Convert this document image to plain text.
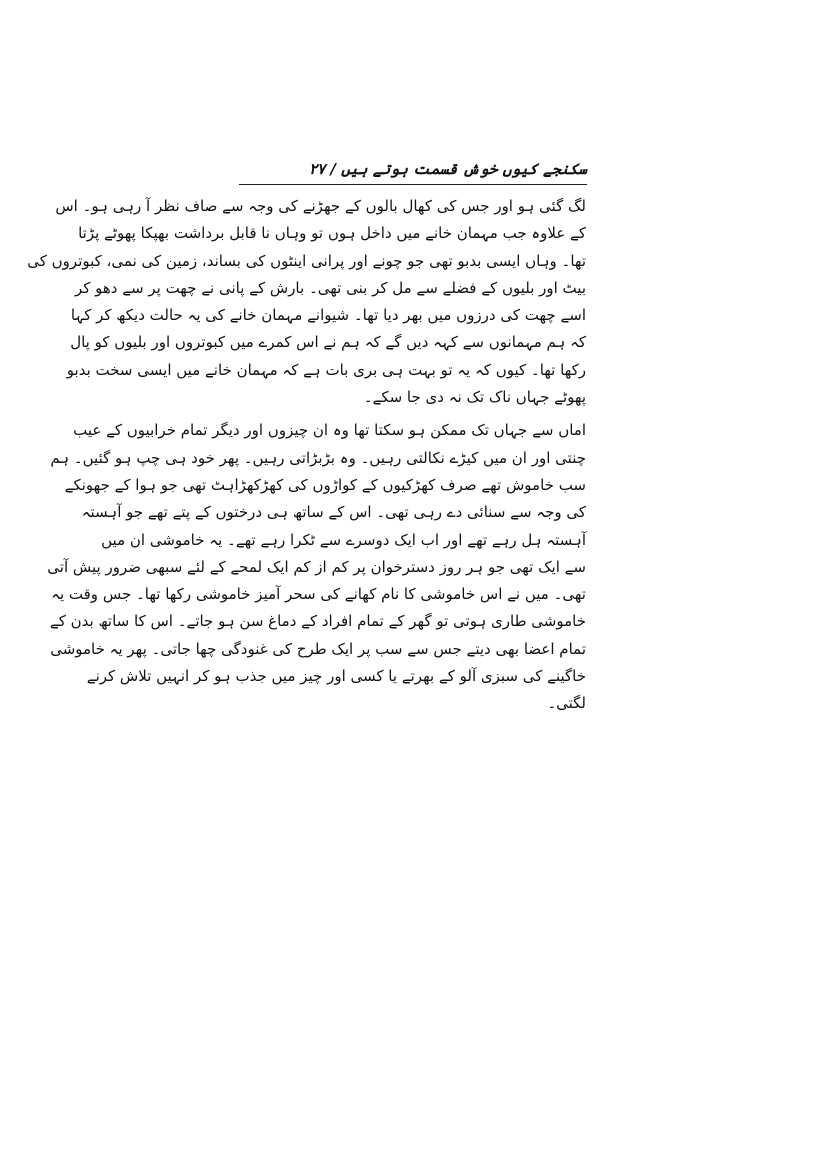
سکنجے کیوں خوش قسمت ہوتے ہیں / ۲۷
لگ گئی ہو اور جس کی کھال بالوں کے جھڑنے کی وجہ سے صاف نظر آ رہی ہو۔ اس
کے علاوہ جب مہمان خانے میں داخل ہوں تو وہاں نا قابل برداشت بھپکا پھوٹے پڑتا
تھا۔ وہاں ایسی بدبو تھی جو چونے اور پرانی اینٹوں کی بساند، زمین کی نمی، کبوتروں کی
بیٹ اور بلیوں کے فضلے سے مل کر بنی تھی۔ بارش کے پانی نے چھت پر سے دھو کر
اسے چھت کی درزوں میں بھر دیا تھا۔ شیوانے مہمان خانے کی یہ حالت دیکھ کر کہا
کہ ہم مہمانوں سے کہہ دیں گے کہ ہم نے اس کمرے میں کبوتروں اور بلیوں کو پال
رکھا تھا۔ کیوں کہ یہ تو بہت ہی بری بات ہے کہ مہمان خانے میں ایسی سخت بدبو
پھوٹے جہاں ناک تک نہ دی جا سکے۔
اماں سے جہاں تک ممکن ہو سکتا تھا وہ ان چیزوں اور دیگر تمام خرابیوں کے عیب
چنتی اور ان میں کیڑے نکالتی رہیں۔ وہ بڑبڑاتی رہیں۔ پھر خود ہی چپ ہو گئیں۔ ہم
سب خاموش تھے صرف کھڑکیوں کے کواڑوں کی کھڑکھڑاہٹ تھی جو ہوا کے جھونکے
کی وجہ سے سنائی دے رہی تھی۔ اس کے ساتھ ہی درختوں کے پتے تھے جو آہستہ
آہستہ ہل رہے تھے اور اب ایک دوسرے سے ٹکرا رہے تھے۔ یہ خاموشی ان میں
سے ایک تھی جو ہر روز دسترخوان پر کم از کم ایک لمحے کے لئے سبھی ضرور پیش آتی
تھی۔ میں نے اس خاموشی کا نام کھانے کی سحر آمیز خاموشی رکھا تھا۔ جس وقت یہ
خاموشی طاری ہوتی تو گھر کے تمام افراد کے دماغ سن ہو جاتے۔ اس کا ساتھ بدن کے
تمام اعضا بھی دیتے جس سے سب پر ایک طرح کی غنودگی چھا جاتی۔ پھر یہ خاموشی
خاگینے کی سبزی آلو کے بھرتے یا کسی اور چیز میں جذب ہو کر انہیں تلاش کرنے
لگتی۔
